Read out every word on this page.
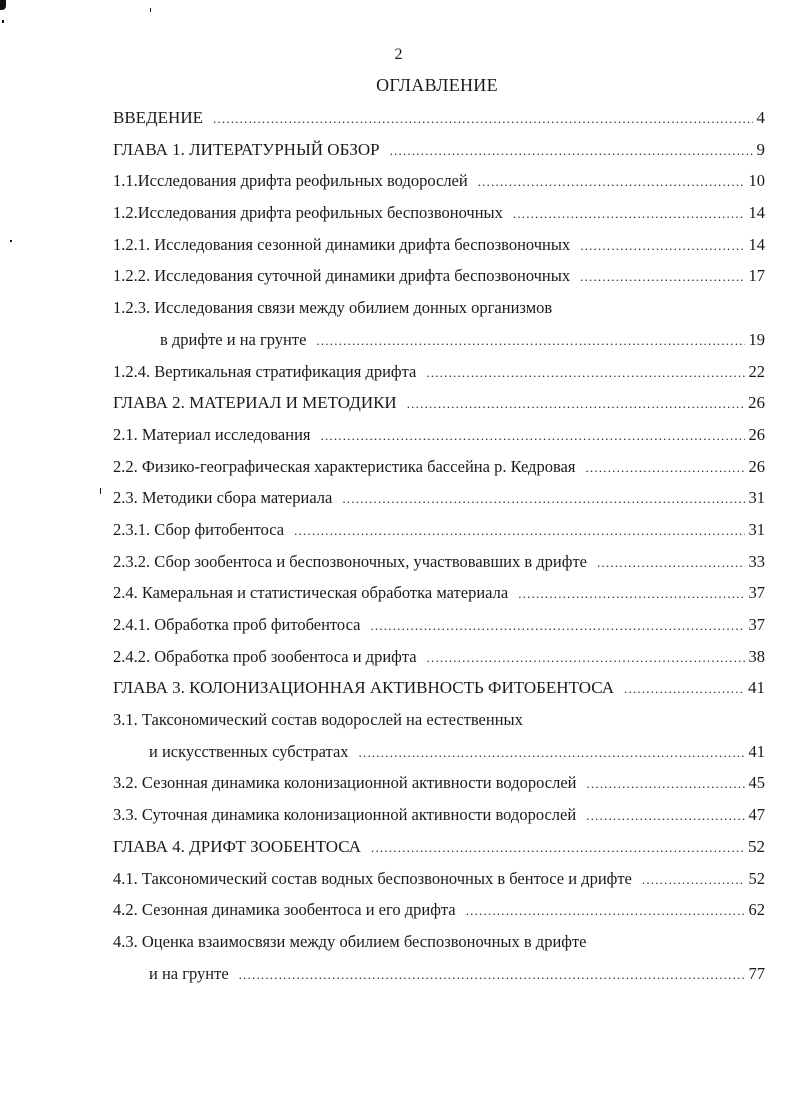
2
ОГЛАВЛЕНИЕ
ВВЕДЕНИЕ .....	4
ГЛАВА 1. ЛИТЕРАТУРНЫЙ ОБЗОР .....	9
1.1. Исследования дрифта реофильных водорослей .....	10
1.2. Исследования дрифта реофильных беспозвоночных .....	14
1.2.1. Исследования сезонной динамики дрифта беспозвоночных .....	14
1.2.2. Исследования суточной динамики дрифта беспозвоночных .....	17
1.2.3. Исследования связи между обилием донных организмов
в дрифте и на грунте .....	19
1.2.4. Вертикальная стратификация дрифта .....	22
ГЛАВА 2. МАТЕРИАЛ И МЕТОДИКИ .....	26
2.1. Материал исследования .....	26
2.2. Физико-географическая характеристика бассейна р. Кедровая .....	26
2.3. Методики сбора материала .....	31
2.3.1. Сбор фитобентоса .....	31
2.3.2. Сбор зообентоса и беспозвоночных, участвовавших в дрифте .....	33
2.4. Камеральная и статистическая обработка материала .....	37
2.4.1. Обработка проб фитобентоса .....	37
2.4.2. Обработка проб зообентоса и дрифта .....	38
ГЛАВА 3. КОЛОНИЗАЦИОННАЯ АКТИВНОСТЬ ФИТОБЕНТОСА .....	41
3.1. Таксономический состав водорослей на естественных
и искусственных субстратах .....	41
3.2. Сезонная динамика колонизационной активности водорослей .....	45
3.3. Суточная динамика колонизационной активности водорослей .....	47
ГЛАВА 4. ДРИФТ ЗООБЕНТОСА .....	52
4.1. Таксономический состав водных беспозвоночных в бентосе и дрифте .....	52
4.2. Сезонная динамика зообентоса и его дрифта .....	62
4.3. Оценка взаимосвязи между обилием беспозвоночных в дрифте
и на грунте .....	77
